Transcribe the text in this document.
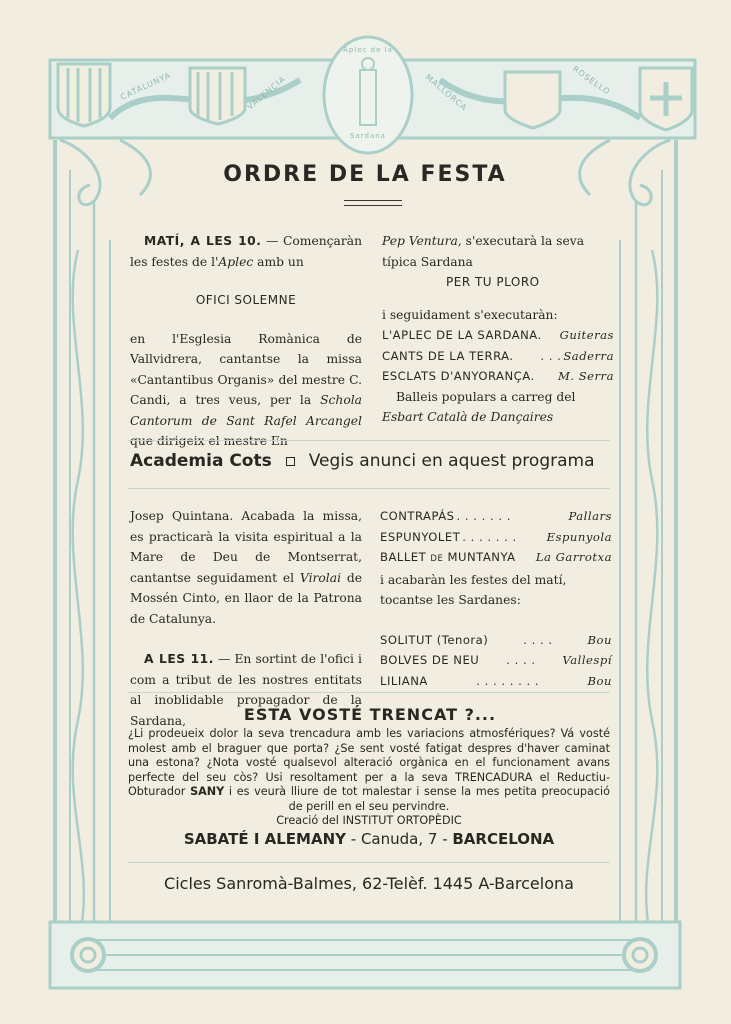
CATALUNYA	VALENCIA	MALLORCA	ROSELLO
Aplec de la
Sardana
ORDRE DE LA FESTA

MATÍ, A LES 10. — Començaràn les festes de l'Aplec amb un

OFICI SOLEMNE

en l'Esglesia Romànica de Vallvidrera, cantantse la missa «Cantantibus Organis» del mestre C. Candi, a tres veus, per la Schola Cantorum de Sant Rafel Arcangel que dirigeix el mestre En

Pep Ventura, s'executarà la seva típica Sardana

PER TU PLORO

i seguidament s'executaràn:

L'APLEC DE LA SARDANA. Guiteras
CANTS DE LA TERRA.	. . . Saderra
ESCLATS D'ANYORANÇA. M. Serra

Balleis populars a carreg del Esbart Català de Dançaires

Academia Cots Vegis anunci en aquest programa

Josep Quintana. Acabada la missa, es practicarà la visita espiritual a la Mare de Deu de Montserrat, cantantse seguidament el Virolai de Mossén Cinto, en llaor de la Patrona de Catalunya.

A LES 11. — En sortint de l'ofici i com a tribut de les nostres entitats al inoblidable propagador de la Sardana,

CONTRAPÁS . . . . . . .	Pallars
ESPUNYOLET . . . . . . .	Espunyola
BALLET DE MUNTANYA La Garrotxa

i acabaràn les festes del matí, tocantse les Sardanes:

SOLITUT (Tenora)	. . . .	Bou
BOLVES DE NEU	. . . .	Vallespí
LILIANA	. . . . . . . .	Bou
ESTA VOSTÉ TRENCAT ?...

¿Li prodeueix dolor la seva trencadura amb les variacions atmosfériques? Vá vosté molest amb el braguer que porta? ¿Se sent vosté fatigat despres d'haver caminat una estona? ¿Nota vosté qualsevol alteració orgànica en el funcionament avans perfecte del seu còs? Usi resoltament per a la seva TRENCADURA el Reductiu-Obturador SANY i es veurà lliure de tot malestar i sense la mes petita preocupació de perill en el seu pervindre.

Creació del INSTITUT ORTOPÈDIC

SABATÉ I ALEMANY - Canuda, 7 - BARCELONA
Cicles Sanromà-Balmes, 62-Telèf. 1445 A-Barcelona
